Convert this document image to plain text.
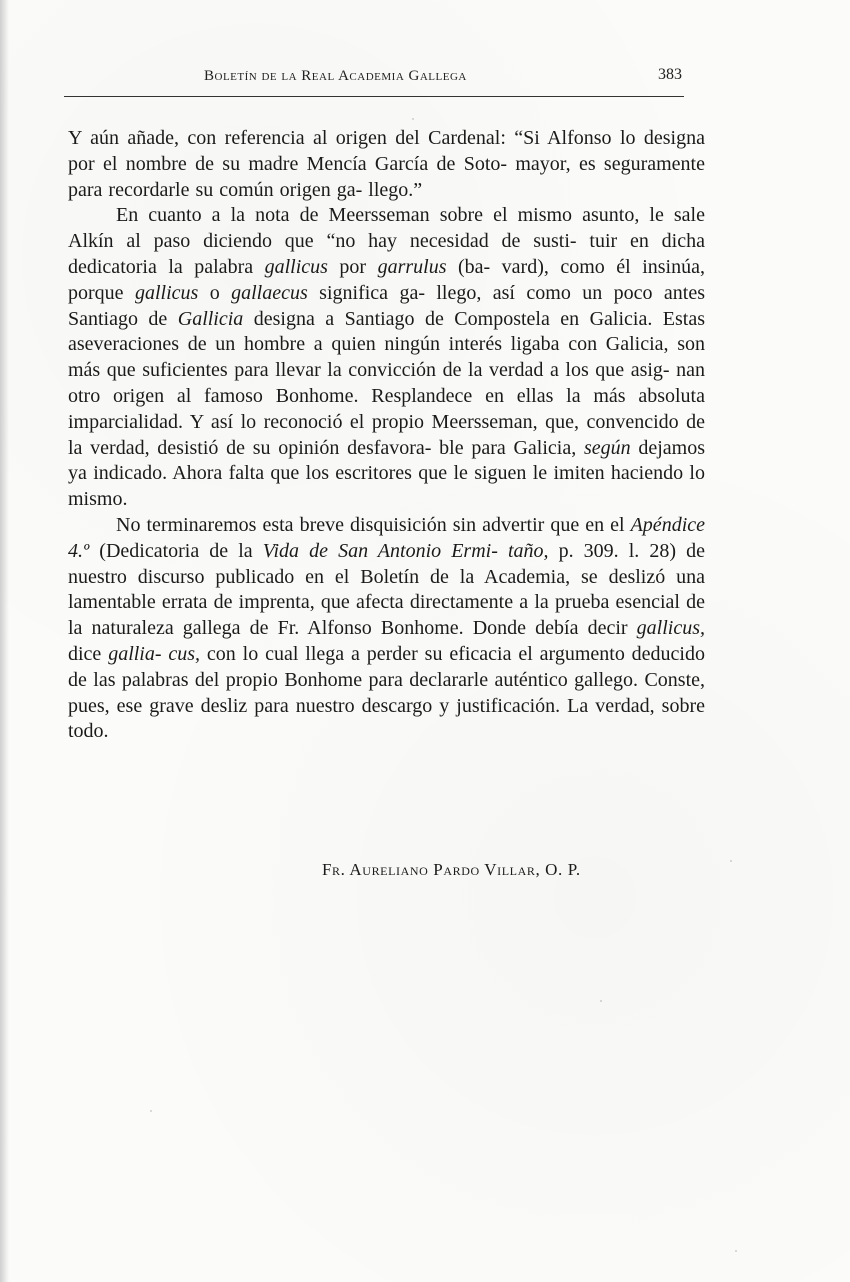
Boletín de la Real Academia Gallega	383

Y aún añade, con referencia al origen del Cardenal: “Si Alfonso lo designa por el nombre de su madre Mencía García de Soto- mayor, es seguramente para recordarle su común origen ga- llego.”

En cuanto a la nota de Meersseman sobre el mismo asunto, le sale Alkín al paso diciendo que “no hay necesidad de susti- tuir en dicha dedicatoria la palabra gallicus por garrulus (ba- vard), como él insinúa, porque gallicus o gallaecus significa ga- llego, así como un poco antes Santiago de Gallicia designa a Santiago de Compostela en Galicia. Estas aseveraciones de un hombre a quien ningún interés ligaba con Galicia, son más que suficientes para llevar la convicción de la verdad a los que asig- nan otro origen al famoso Bonhome. Resplandece en ellas la más absoluta imparcialidad. Y así lo reconoció el propio Meersseman, que, convencido de la verdad, desistió de su opinión desfavora- ble para Galicia, según dejamos ya indicado. Ahora falta que los escritores que le siguen le imiten haciendo lo mismo.

No terminaremos esta breve disquisición sin advertir que en el Apéndice 4.º (Dedicatoria de la Vida de San Antonio Ermi- taño, p. 309. l. 28) de nuestro discurso publicado en el Boletín de la Academia, se deslizó una lamentable errata de imprenta, que afecta directamente a la prueba esencial de la naturaleza gallega de Fr. Alfonso Bonhome. Donde debía decir gallicus, dice gallia- cus, con lo cual llega a perder su eficacia el argumento deducido de las palabras del propio Bonhome para declararle auténtico gallego. Conste, pues, ese grave desliz para nuestro descargo y justificación. La verdad, sobre todo.

Fr. Aureliano Pardo Villar, O. P.
